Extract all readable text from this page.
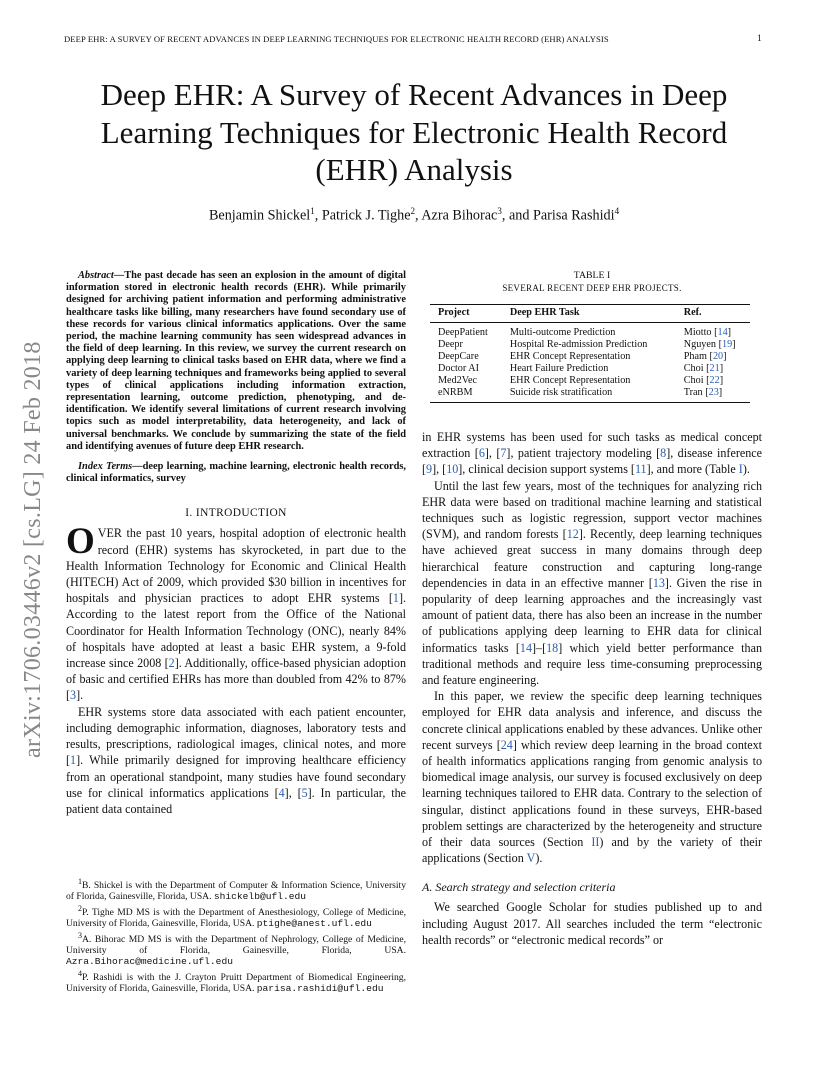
DEEP EHR: A SURVEY OF RECENT ADVANCES IN DEEP LEARNING TECHNIQUES FOR ELECTRONIC HEALTH RECORD (EHR) ANALYSIS	1
Deep EHR: A Survey of Recent Advances in Deep
Learning Techniques for Electronic Health Record
(EHR) Analysis
Benjamin Shickel$^1$, Patrick J. Tighe$^2$, Azra Bihorac$^3$, and Parisa Rashidi$^4$
arXiv:1706.03446v2 [cs.LG] 24 Feb 2018

Abstract—The past decade has seen an explosion in the amount of digital information stored in electronic health records (EHR). While primarily designed for archiving patient information and performing administrative healthcare tasks like billing, many researchers have found secondary use of these records for various clinical informatics applications. Over the same period, the machine learning community has seen widespread advances in the field of deep learning. In this review, we survey the current research on applying deep learning to clinical tasks based on EHR data, where we find a variety of deep learning techniques and frameworks being applied to several types of clinical applications including information extraction, representation learning, outcome prediction, phenotyping, and de-identification. We identify several limitations of current research involving topics such as model interpretability, data heterogeneity, and lack of universal benchmarks. We conclude by summarizing the state of the field and identifying avenues of future deep EHR research.

Index Terms—deep learning, machine learning, electronic health records, clinical informatics, survey

I. INTRODUCTION

OVER the past 10 years, hospital adoption of electronic health record (EHR) systems has skyrocketed, in part due to the Health Information Technology for Economic and Clinical Health (HITECH) Act of 2009, which provided $30 billion in incentives for hospitals and physician practices to adopt EHR systems [1]. According to the latest report from the Office of the National Coordinator for Health Information Technology (ONC), nearly 84% of hospitals have adopted at least a basic EHR system, a 9-fold increase since 2008 [2]. Additionally, office-based physician adoption of basic and certified EHRs has more than doubled from 42% to 87% [3].

EHR systems store data associated with each patient encounter, including demographic information, diagnoses, laboratory tests and results, prescriptions, radiological images, clinical notes, and more [1]. While primarily designed for improving healthcare efficiency from an operational standpoint, many studies have found secondary use for clinical informatics applications [4], [5]. In particular, the patient data contained

$^1$B. Shickel is with the Department of Computer & Information Science, University of Florida, Gainesville, Florida, USA. shickelb@ufl.edu

$^2$P. Tighe MD MS is with the Department of Anesthesiology, College of Medicine, University of Florida, Gainesville, Florida, USA. ptighe@anest.ufl.edu

$^3$A. Bihorac MD MS is with the Department of Nephrology, College of Medicine, University of Florida, Gainesville, Florida, USA. Azra.Bihorac@medicine.ufl.edu

$^4$P. Rashidi is with the J. Crayton Pruitt Department of Biomedical Engineering, University of Florida, Gainesville, Florida, USA. parisa.rashidi@ufl.edu

TABLE I
SEVERAL RECENT DEEP EHR PROJECTS.
Project	Deep EHR Task	Ref.
DeepPatient	Multi-outcome Prediction	Miotto [14]
Deepr	Hospital Re-admission Prediction	Nguyen [19]
DeepCare	EHR Concept Representation	Pham [20]
Doctor AI	Heart Failure Prediction	Choi [21]
Med2Vec	EHR Concept Representation	Choi [22]
eNRBM	Suicide risk stratification	Tran [23]

in EHR systems has been used for such tasks as medical concept extraction [6], [7], patient trajectory modeling [8], disease inference [9], [10], clinical decision support systems [11], and more (Table I).

Until the last few years, most of the techniques for analyzing rich EHR data were based on traditional machine learning and statistical techniques such as logistic regression, support vector machines (SVM), and random forests [12]. Recently, deep learning techniques have achieved great success in many domains through deep hierarchical feature construction and capturing long-range dependencies in data in an effective manner [13]. Given the rise in popularity of deep learning approaches and the increasingly vast amount of patient data, there has also been an increase in the number of publications applying deep learning to EHR data for clinical informatics tasks [14]–[18] which yield better performance than traditional methods and require less time-consuming preprocessing and feature engineering.

In this paper, we review the specific deep learning techniques employed for EHR data analysis and inference, and discuss the concrete clinical applications enabled by these advances. Unlike other recent surveys [24] which review deep learning in the broad context of health informatics applications ranging from genomic analysis to biomedical image analysis, our survey is focused exclusively on deep learning techniques tailored to EHR data. Contrary to the selection of singular, distinct applications found in these surveys, EHR-based problem settings are characterized by the heterogeneity and structure of their data sources (Section II) and by the variety of their applications (Section V).

A. Search strategy and selection criteria

We searched Google Scholar for studies published up to and including August 2017. All searches included the term “electronic health records” or “electronic medical records” or
